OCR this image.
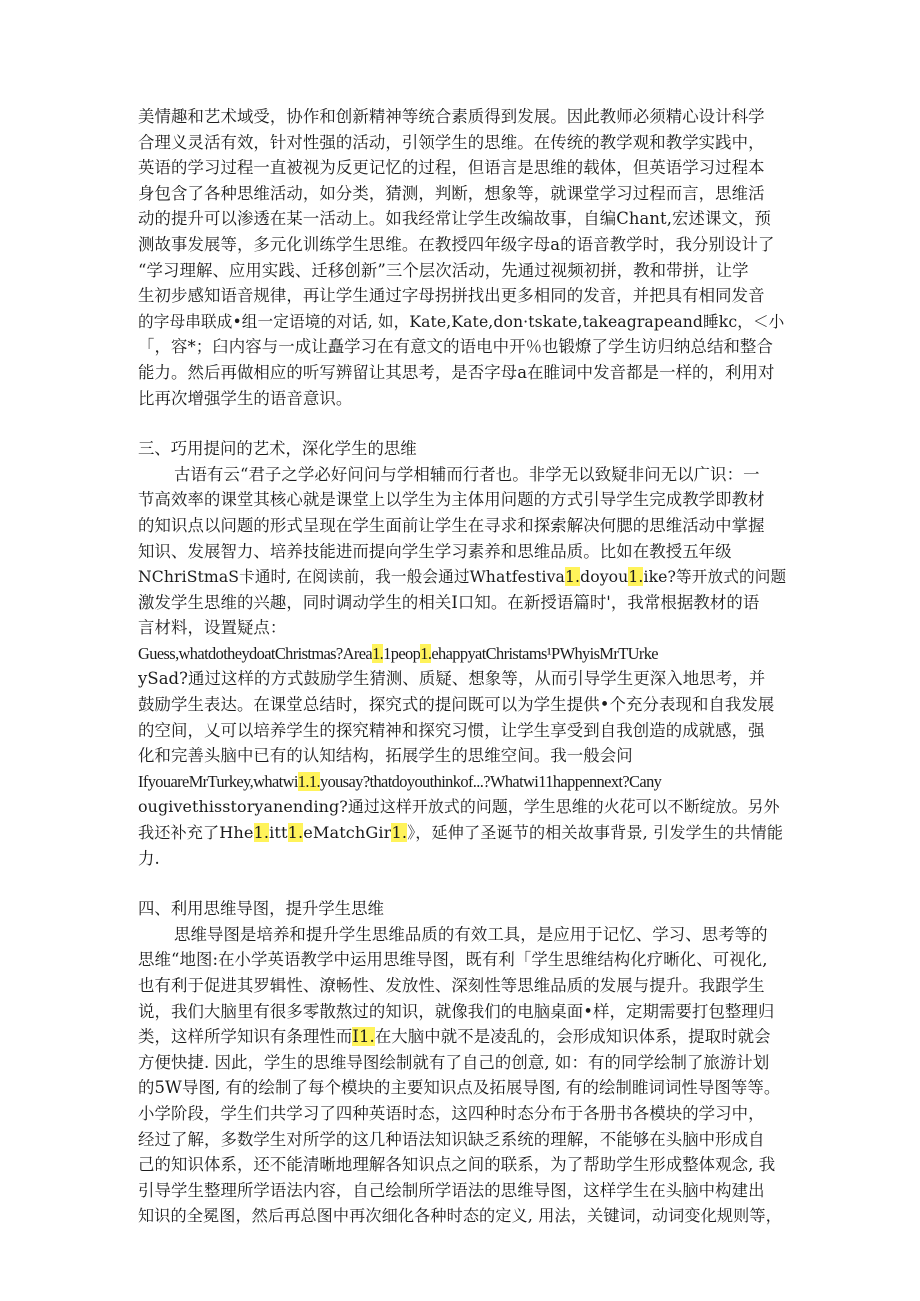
美情趣和艺术域受，协作和创新精神等统合素质得到发展。因此教师必须精心设计科学
合理义灵活有效，针对性强的活动，引领学生的思维。在传统的教学观和教学实践中，
英语的学习过程一直被视为反更记忆的过程，但语言是思维的载体，但英语学习过程本
身包含了各种思维活动，如分类，猜测，判断，想象等，就课堂学习过程而言，思维活
动的提升可以渗透在某一活动上。如我经常让学生改编故事，自编Chant,宏述课文，预
测故事发展等，多元化训练学生思维。在教授四年级字母a的语音教学时，我分别设计了
“学习理解、应用实践、迁移创新”三个层次活动，先通过视频初拼，教和带拼，让学
生初步感知语音规律，再让学生通过字母拐拼找出更多相同的发音，并把具有相同发音
的字母串联成•组一定语境的对话, 如，Kate,Kate,don·tskate,takeagrapeand睡kc，＜小
「，容*；臼内容与一成让矗学习在有意文的语电中开％也锻燎了学生访归纳总结和整合
能力。然后再做相应的听写辨留让其思考，是否字母a在睢词中发音都是一样的，利用对
比再次增强学生的语音意识。
三、巧用提问的艺术，深化学生的思维
古语有云“君子之学必好问问与学相辅而行者也。非学无以致疑非问无以广识：一
节高效率的课堂其核心就是课堂上以学生为主体用问题的方式引导学生完成教学即教材
的知识点以问题的形式呈现在学生面前让学生在寻求和探索解决何腮的思维活动中掌握
知识、发展智力、培养技能进而提向学生学习素养和思维品质。比如在教授五年级
NChriStmaS卡通时, 在阅读前，我一般会通过Whatfestiva1.doyou1.ike?等开放式的问题
激发学生思维的兴趣，同时调动学生的相关I口知。在新授语篇时'，我常根据教材的语
言材料，设置疑点：
Guess,whatdotheydoatChristmas?Area1.1peop1.ehappyatChristams¹PWhyisMrTUrke
ySad?通过这样的方式鼓励学生猜测、质疑、想象等，从而引导学生更深入地思考，并
鼓励学生表达。在课堂总结时，探究式的提问既可以为学生提供•个充分表现和自我发展
的空间，乂可以培养学生的探究精神和探究习惯，让学生享受到自我创造的成就感，强
化和完善头脑中已有的认知结构，拓展学生的思维空间。我一般会问
IfyouareMrTurkey,whatwi1.1.yousay?thatdoyouthinkof...?Whatwi11happennext?Cany
ougivethisstoryanending?通过这样开放式的问题，学生思维的火花可以不断绽放。另外
我还补充了Hhe1.itt1.eMatchGir1.》，延伸了圣诞节的相关故事背景, 引发学生的共情能
力.
四、利用思维导图，提升学生思维
思维导图是培养和提升学生思维品质的有效工具，是应用于记忆、学习、思考等的
思维“地图:在小学英语教学中运用思维导图，既有利「学生思维结构化疗晰化、可视化,
也有利于促进其罗辑性、潦畅性、发放性、深刻性等思维品质的发展与提升。我跟学生
说，我们大脑里有很多零散熬过的知识，就像我们的电脑桌面•样，定期需要打包整理归
类，这样所学知识有条理性而I1.在大脑中就不是凌乱的，会形成知识体系，提取时就会
方便快捷. 因此，学生的思维导图绘制就有了自己的创意, 如：有的同学绘制了旅游计划
的5W导图, 有的绘制了每个模块的主要知识点及拓展导图, 有的绘制睢词词性导图等等。
小学阶段，学生们共学习了四种英语时态，这四种时态分布于各册书各模块的学习中，
经过了解，多数学生对所学的这几种语法知识缺乏系统的理解，不能够在头脑中形成自
己的知识体系，还不能清晰地理解各知识点之间的联系，为了帮助学生形成整体观念, 我
引导学生整理所学语法内容，自己绘制所学语法的思维导图，这样学生在头脑中构建出
知识的全冕图，然后再总图中再次细化各种时态的定义, 用法，关键词，动词变化规则等，
